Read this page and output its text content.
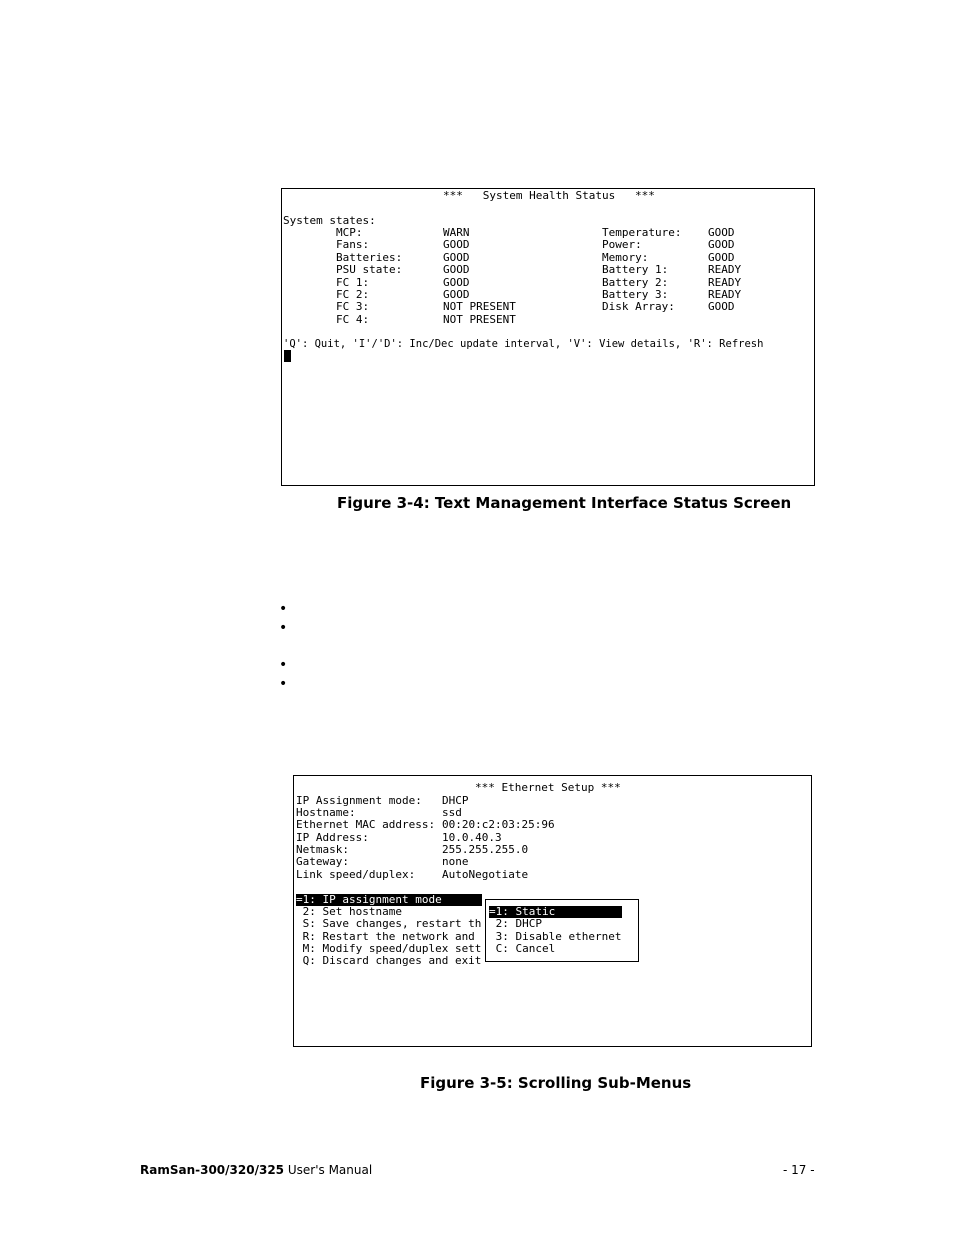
***   System Health Status   ***
System states:
MCP:
Fans:
Batteries:
PSU state:
FC 1:
FC 2:
FC 3:
FC 4:
WARN
GOOD
GOOD
GOOD
GOOD
GOOD
NOT PRESENT
NOT PRESENT
Temperature:
Power:
Memory:
Battery 1:
Battery 2:
Battery 3:
Disk Array:
GOOD
GOOD
GOOD
READY
READY
READY
GOOD
'Q': Quit, 'I'/'D': Inc/Dec update interval, 'V': View details, 'R': Refresh
Figure 3-4: Text Management Interface Status Screen
•
•
•
•
*** Ethernet Setup ***
IP Assignment mode:
Hostname:
Ethernet MAC address:
IP Address:
Netmask:
Gateway:
Link speed/duplex:
DHCP
ssd
00:20:c2:03:25:96
10.0.40.3
255.255.255.0
none
AutoNegotiate
=1: IP assignment mode
2: Set hostname
S: Save changes, restart th
R: Restart the network and
M: Modify speed/duplex sett
Q: Discard changes and exit
=1: Static
2: DHCP
3: Disable ethernet
C: Cancel
Figure 3-5: Scrolling Sub-Menus
RamSan-300/320/325 User's Manual	- 17 -
